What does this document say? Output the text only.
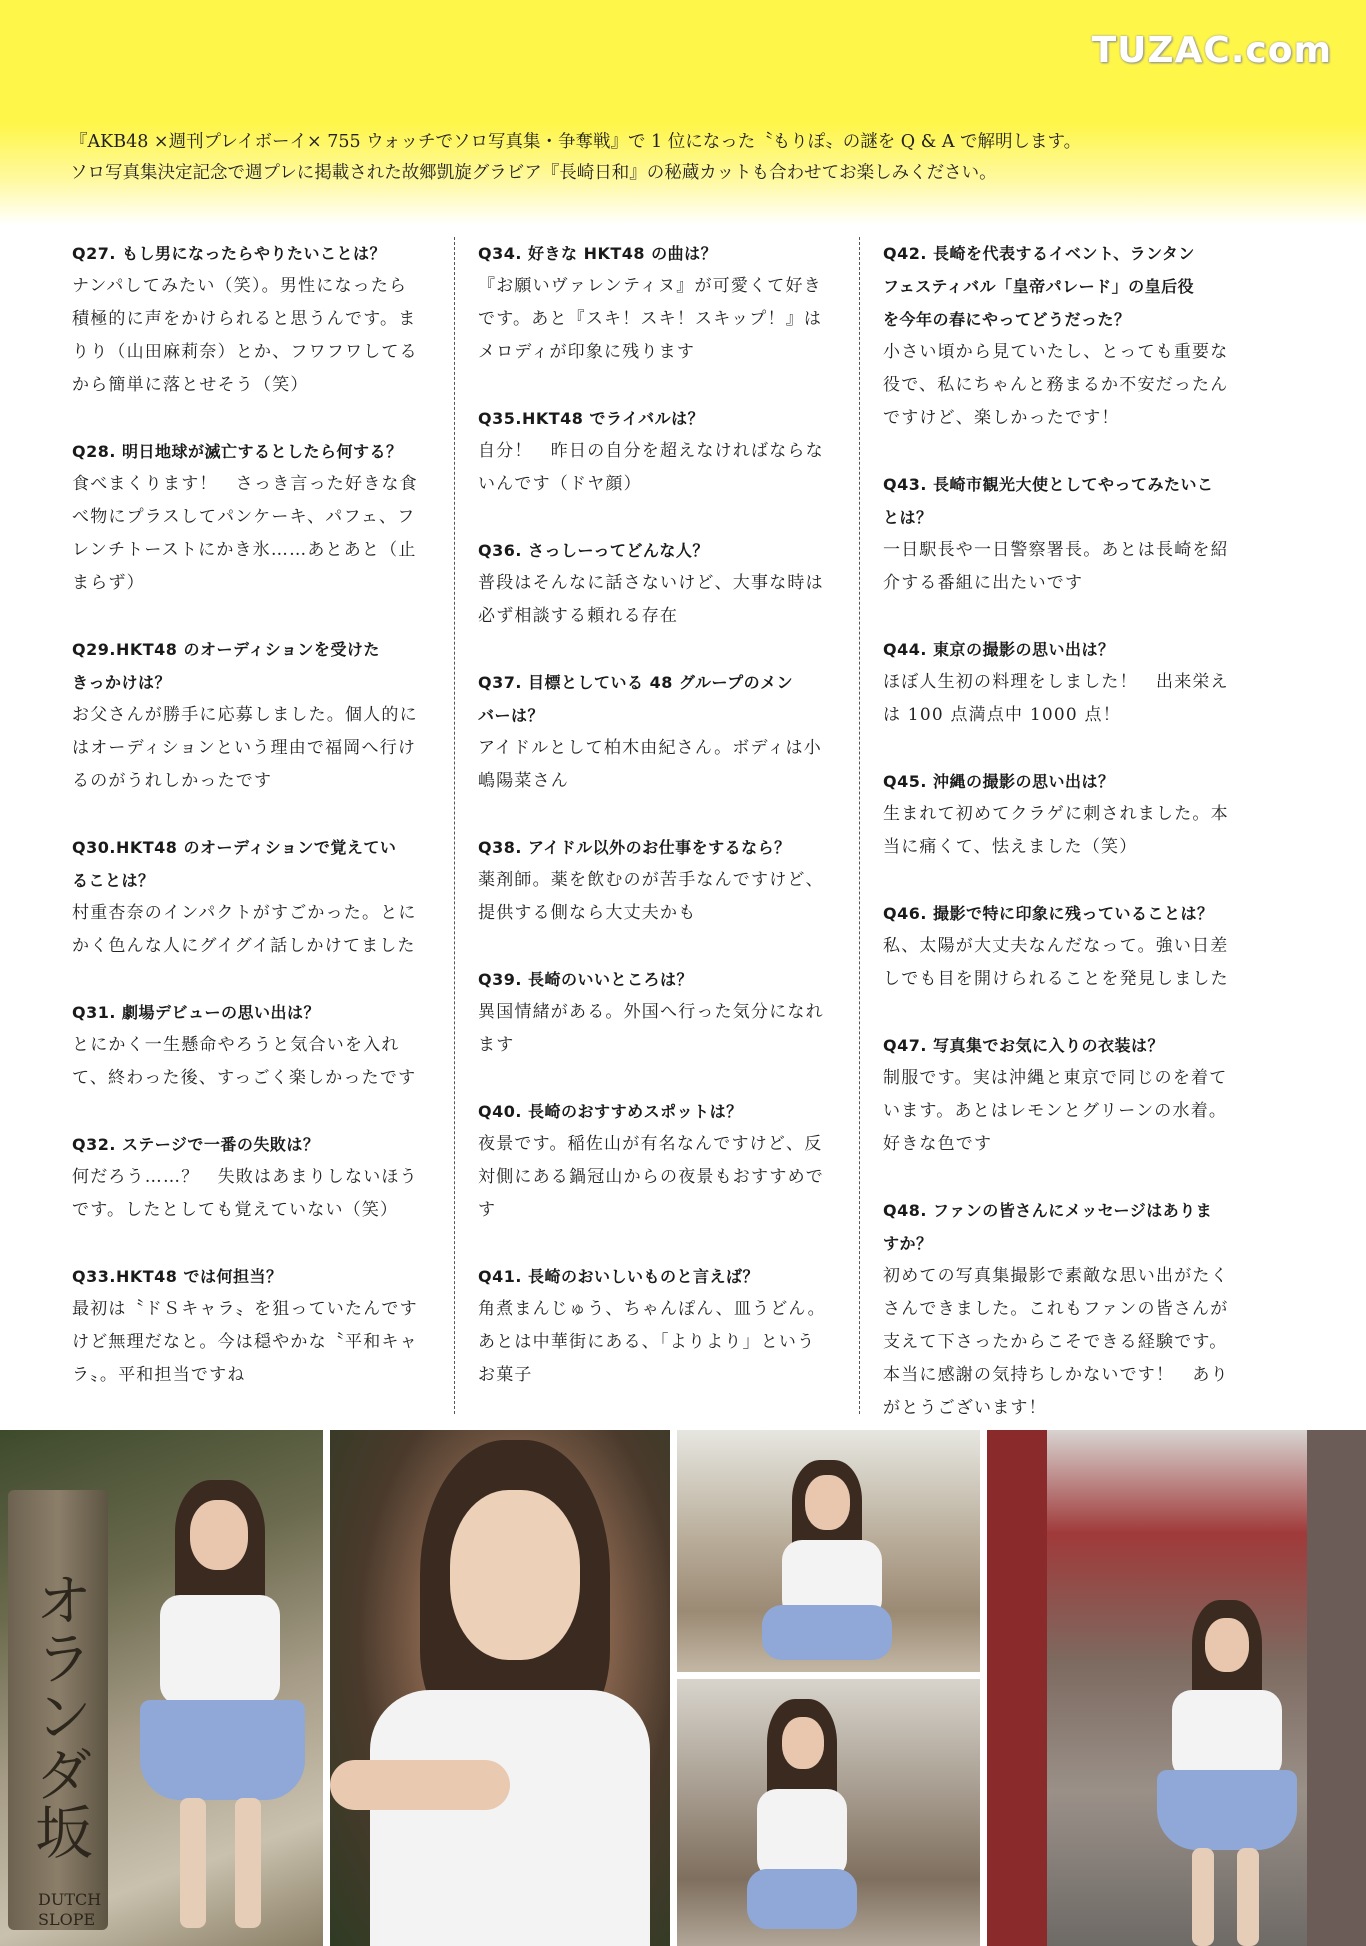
TUZAC.com
『AKB48 ×週刊プレイボーイ× 755 ウォッチでソロ写真集・争奪戦』で 1 位になった〝もりぽ〟の謎を Q & A で解明します。
ソロ写真集決定記念で週プレに掲載された故郷凱旋グラビア『長崎日和』の秘蔵カットも合わせてお楽しみください。
Q27. もし男になったらやりたいことは？
ナンパしてみたい（笑）。男性になったら
積極的に声をかけられると思うんです。ま
りり（山田麻莉奈）とか、フワフワしてる
から簡単に落とせそう（笑）
Q28. 明日地球が滅亡するとしたら何する？
食べまくります！　さっき言った好きな食
べ物にプラスしてパンケーキ、パフェ、フ
レンチトーストにかき氷……あとあと（止
まらず）
Q29.HKT48 のオーディションを受けた
きっかけは？
お父さんが勝手に応募しました。個人的に
はオーディションという理由で福岡へ行け
るのがうれしかったです
Q30.HKT48 のオーディションで覚えてい
ることは？
村重杏奈のインパクトがすごかった。とに
かく色んな人にグイグイ話しかけてました
Q31. 劇場デビューの思い出は？
とにかく一生懸命やろうと気合いを入れ
て、終わった後、すっごく楽しかったです
Q32. ステージで一番の失敗は？
何だろう……？　失敗はあまりしないほう
です。したとしても覚えていない（笑）
Q33.HKT48 では何担当？
最初は〝ドＳキャラ〟を狙っていたんです
けど無理だなと。今は穏やかな〝平和キャ
ラ〟。平和担当ですね
Q34. 好きな HKT48 の曲は？
『お願いヴァレンティヌ』が可愛くて好き
です。あと『スキ！スキ！スキップ！』は
メロディが印象に残ります
Q35.HKT48 でライバルは？
自分！　昨日の自分を超えなければならな
いんです（ドヤ顔）
Q36. さっしーってどんな人？
普段はそんなに話さないけど、大事な時は
必ず相談する頼れる存在
Q37. 目標としている 48 グループのメン
バーは？
アイドルとして柏木由紀さん。ボディは小
嶋陽菜さん
Q38. アイドル以外のお仕事をするなら？
薬剤師。薬を飲むのが苦手なんですけど、
提供する側なら大丈夫かも
Q39. 長崎のいいところは？
異国情緒がある。外国へ行った気分になれ
ます
Q40. 長崎のおすすめスポットは？
夜景です。稲佐山が有名なんですけど、反
対側にある鍋冠山からの夜景もおすすめで
す
Q41. 長崎のおいしいものと言えば？
角煮まんじゅう、ちゃんぽん、皿うどん。
あとは中華街にある、「よりより」という
お菓子
Q42. 長崎を代表するイベント、ランタン
フェスティバル「皇帝パレード」の皇后役
を今年の春にやってどうだった？
小さい頃から見ていたし、とっても重要な
役で、私にちゃんと務まるか不安だったん
ですけど、楽しかったです！
Q43. 長崎市観光大使としてやってみたいこ
とは？
一日駅長や一日警察署長。あとは長崎を紹
介する番組に出たいです
Q44. 東京の撮影の思い出は？
ほぼ人生初の料理をしました！　出来栄え
は 100 点満点中 1000 点！
Q45. 沖縄の撮影の思い出は？
生まれて初めてクラゲに刺されました。本
当に痛くて、怯えました（笑）
Q46. 撮影で特に印象に残っていることは？
私、太陽が大丈夫なんだなって。強い日差
しでも目を開けられることを発見しました
Q47. 写真集でお気に入りの衣装は？
制服です。実は沖縄と東京で同じのを着て
います。あとはレモンとグリーンの水着。
好きな色です
Q48. ファンの皆さんにメッセージはありま
すか？
初めての写真集撮影で素敵な思い出がたく
さんできました。これもファンの皆さんが
支えて下さったからこそできる経験です。
本当に感謝の気持ちしかないです！　あり
がとうございます！
オランダ坂
DUTCH SLOPE
